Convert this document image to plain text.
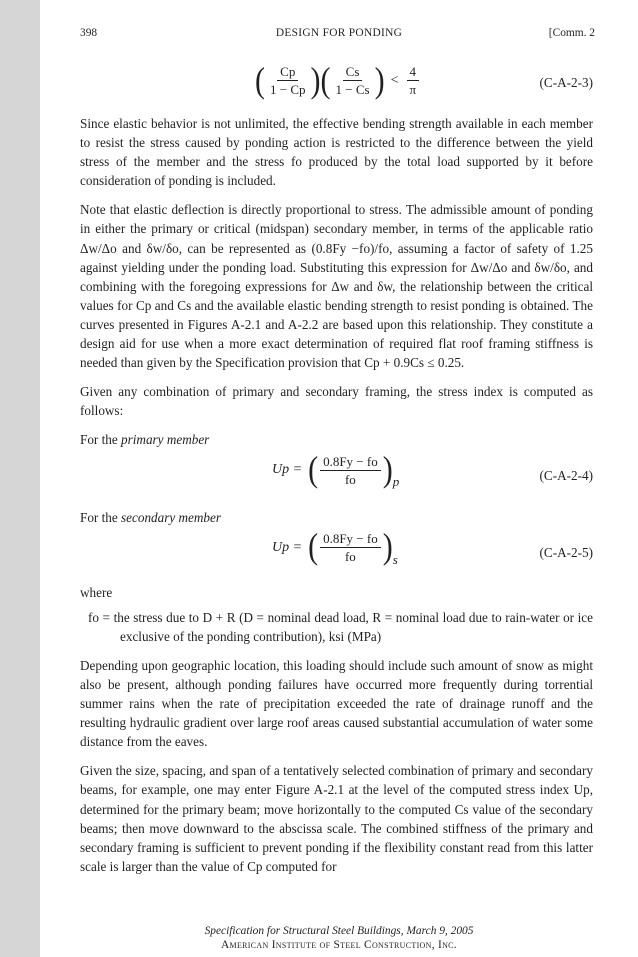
398	DESIGN FOR PONDING	[Comm. 2
( $\frac{Cp}{1 - Cp}$ ) ( $\frac{Cs}{1 - Cs}$ ) < $\frac{4}{\pi}$	(C-A-2-3)

Since elastic behavior is not unlimited, the effective bending strength available in each member to resist the stress caused by ponding action is restricted to the difference between the yield stress of the member and the stress fo produced by the total load supported by it before consideration of ponding is included.

Note that elastic deflection is directly proportional to stress. The admissible amount of ponding in either the primary or critical (midspan) secondary member, in terms of the applicable ratio Δw/Δo and δw/δo, can be represented as (0.8Fy −fo)/fo, assuming a factor of safety of 1.25 against yielding under the ponding load. Substituting this expression for Δw/Δo and δw/δo, and combining with the foregoing expressions for Δw and δw, the relationship between the critical values for Cp and Cs and the available elastic bending strength to resist ponding is obtained. The curves presented in Figures A-2.1 and A-2.2 are based upon this relationship. They constitute a design aid for use when a more exact determination of required flat roof framing stiffness is needed than given by the Specification provision that Cp + 0.9Cs ≤ 0.25.

Given any combination of primary and secondary framing, the stress index is computed as follows:

For the primary member

Up = ( $\frac{0.8Fy - fo}{fo}$ ) p	(C-A-2-4)

For the secondary member

Up = ( $\frac{0.8Fy - fo}{fo}$ ) s	(C-A-2-5)

where

fo = the stress due to D + R (D = nominal dead load, R = nominal load due to rain-water or ice exclusive of the ponding contribution), ksi (MPa)

Depending upon geographic location, this loading should include such amount of snow as might also be present, although ponding failures have occurred more frequently during torrential summer rains when the rate of precipitation exceeded the rate of drainage runoff and the resulting hydraulic gradient over large roof areas caused substantial accumulation of water some distance from the eaves.

Given the size, spacing, and span of a tentatively selected combination of primary and secondary beams, for example, one may enter Figure A-2.1 at the level of the computed stress index Up, determined for the primary beam; move horizontally to the computed Cs value of the secondary beams; then move downward to the abscissa scale. The combined stiffness of the primary and secondary framing is sufficient to prevent ponding if the flexibility constant read from this latter scale is larger than the value of Cp computed for

Specification for Structural Steel Buildings, March 9, 2005
American Institute of Steel Construction, Inc.
